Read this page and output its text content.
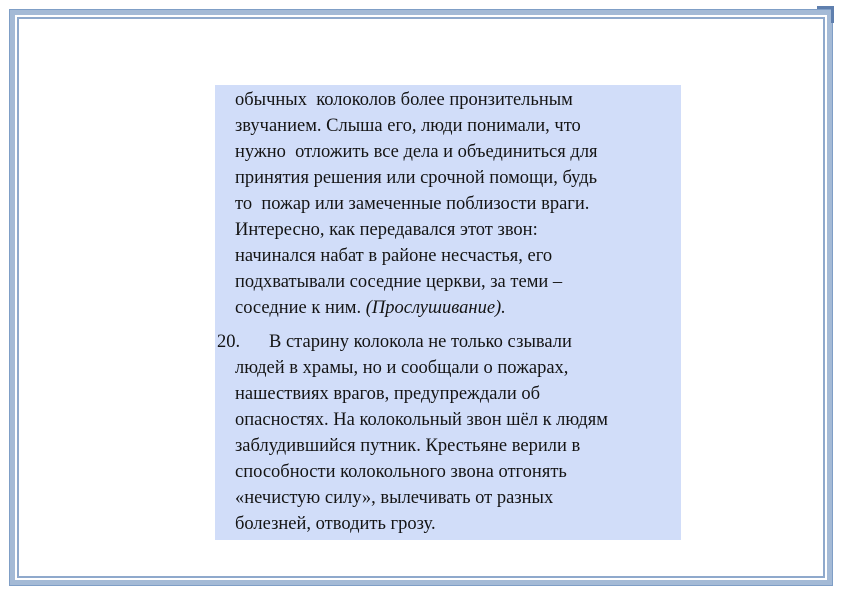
обычных  колоколов более пронзительным
звучанием. Слыша его, люди понимали, что
нужно  отложить все дела и объединиться для
принятия решения или срочной помощи, будь
то  пожар или замеченные поблизости враги.
Интересно, как передавался этот звон:
начинался набат в районе несчастья, его
подхватывали соседние церкви, за теми –
соседние к ним. (Прослушивание).
20. В старину колокола не только сзывали
людей в храмы, но и сообщали о пожарах,
нашествиях врагов, предупреждали об
опасностях. На колокольный звон шёл к людям
заблудившийся путник. Крестьяне верили в
способности колокольного звона отгонять
«нечистую силу», вылечивать от разных
болезней, отводить грозу.
